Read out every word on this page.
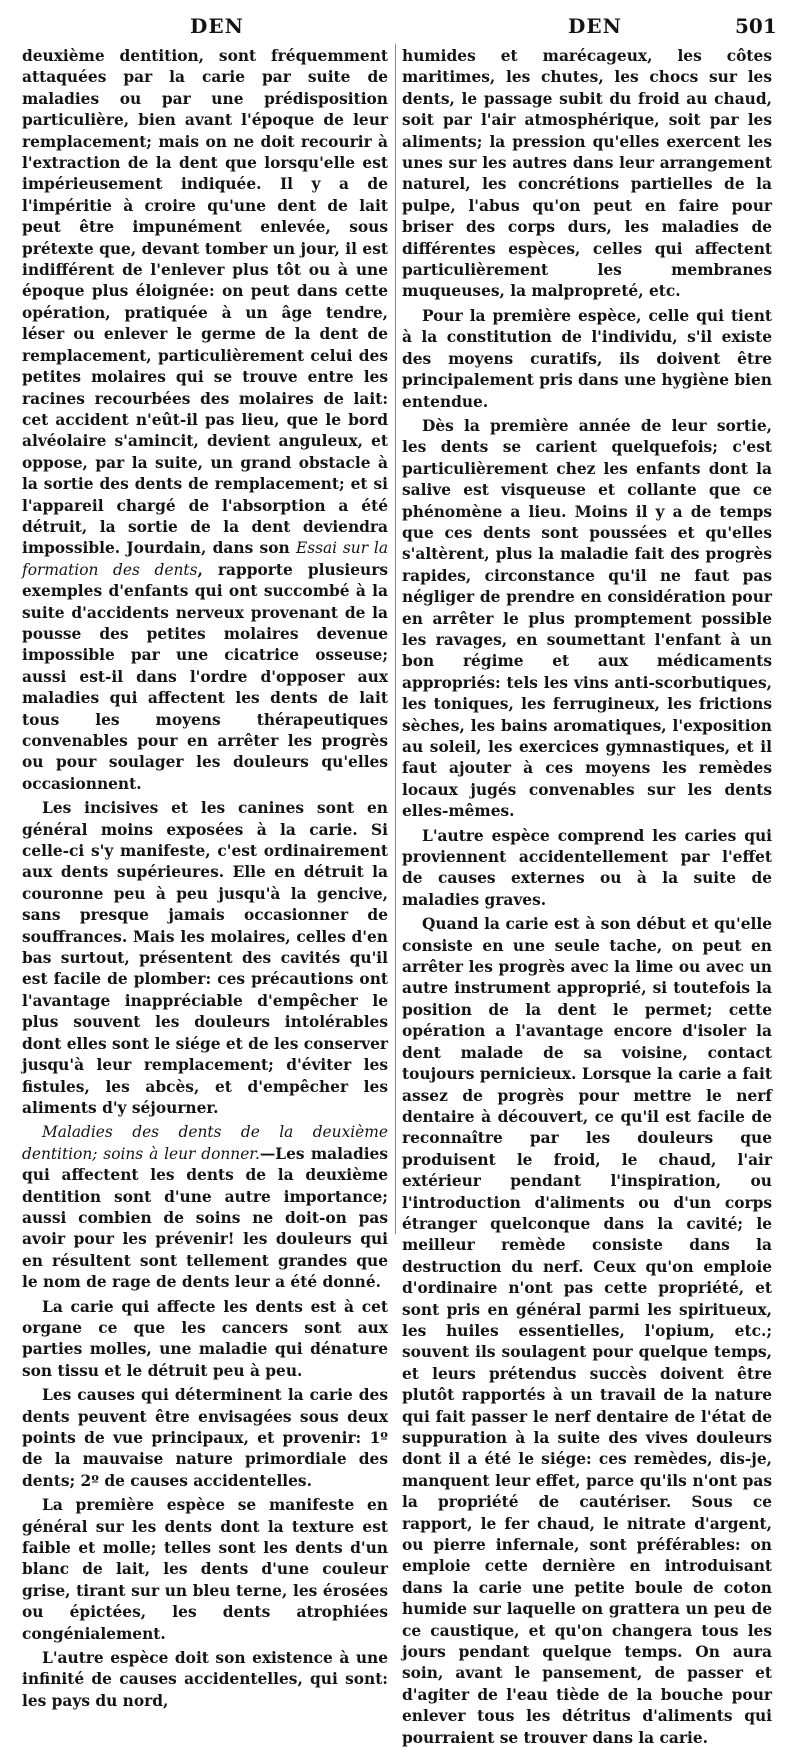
DEN	DEN	501

deuxième dentition, sont fréquemment attaquées par la carie par suite de maladies ou par une prédisposition particulière, bien avant l'époque de leur remplacement; mais on ne doit recourir à l'extraction de la dent que lorsqu'elle est impérieusement indiquée. Il y a de l'impéritie à croire qu'une dent de lait peut être impunément enlevée, sous prétexte que, devant tomber un jour, il est indifférent de l'enlever plus tôt ou à une époque plus éloignée: on peut dans cette opération, pratiquée à un âge tendre, léser ou enlever le germe de la dent de remplacement, particulièrement celui des petites molaires qui se trouve entre les racines recourbées des molaires de lait: cet accident n'eût-il pas lieu, que le bord alvéolaire s'amincit, devient anguleux, et oppose, par la suite, un grand obstacle à la sortie des dents de remplacement; et si l'appareil chargé de l'absorption a été détruit, la sortie de la dent deviendra impossible. Jourdain, dans son Essai sur la formation des dents, rapporte plusieurs exemples d'enfants qui ont succombé à la suite d'accidents nerveux provenant de la pousse des petites molaires devenue impossible par une cicatrice osseuse; aussi est-il dans l'ordre d'opposer aux maladies qui affectent les dents de lait tous les moyens thérapeutiques convenables pour en arrêter les progrès ou pour soulager les douleurs qu'elles occasionnent.

Les incisives et les canines sont en général moins exposées à la carie. Si celle-ci s'y manifeste, c'est ordinairement aux dents supérieures. Elle en détruit la couronne peu à peu jusqu'à la gencive, sans presque jamais occasionner de souffrances. Mais les molaires, celles d'en bas surtout, présentent des cavités qu'il est facile de plomber: ces précautions ont l'avantage inappréciable d'empêcher le plus souvent les douleurs intolérables dont elles sont le siége et de les conserver jusqu'à leur remplacement; d'éviter les fistules, les abcès, et d'empêcher les aliments d'y séjourner.

Maladies des dents de la deuxième dentition; soins à leur donner.—Les maladies qui affectent les dents de la deuxième dentition sont d'une autre importance; aussi combien de soins ne doit-on pas avoir pour les prévenir! les douleurs qui en résultent sont tellement grandes que le nom de rage de dents leur a été donné.

La carie qui affecte les dents est à cet organe ce que les cancers sont aux parties molles, une maladie qui dénature son tissu et le détruit peu à peu.

Les causes qui déterminent la carie des dents peuvent être envisagées sous deux points de vue principaux, et provenir: 1º de la mauvaise nature primordiale des dents; 2º de causes accidentelles.

La première espèce se manifeste en général sur les dents dont la texture est faible et molle; telles sont les dents d'un blanc de lait, les dents d'une couleur grise, tirant sur un bleu terne, les érosées ou épictées, les dents atrophiées congénialement.

L'autre espèce doit son existence à une infinité de causes accidentelles, qui sont: les pays du nord,

humides et marécageux, les côtes maritimes, les chutes, les chocs sur les dents, le passage subit du froid au chaud, soit par l'air atmosphérique, soit par les aliments; la pression qu'elles exercent les unes sur les autres dans leur arrangement naturel, les concrétions partielles de la pulpe, l'abus qu'on peut en faire pour briser des corps durs, les maladies de différentes espèces, celles qui affectent particulièrement les membranes muqueuses, la malpropreté, etc.

Pour la première espèce, celle qui tient à la constitution de l'individu, s'il existe des moyens curatifs, ils doivent être principalement pris dans une hygiène bien entendue.

Dès la première année de leur sortie, les dents se carient quelquefois; c'est particulièrement chez les enfants dont la salive est visqueuse et collante que ce phénomène a lieu. Moins il y a de temps que ces dents sont poussées et qu'elles s'altèrent, plus la maladie fait des progrès rapides, circonstance qu'il ne faut pas négliger de prendre en considération pour en arrêter le plus promptement possible les ravages, en soumettant l'enfant à un bon régime et aux médicaments appropriés: tels les vins anti-scorbutiques, les toniques, les ferrugineux, les frictions sèches, les bains aromatiques, l'exposition au soleil, les exercices gymnastiques, et il faut ajouter à ces moyens les remèdes locaux jugés convenables sur les dents elles-mêmes.

L'autre espèce comprend les caries qui proviennent accidentellement par l'effet de causes externes ou à la suite de maladies graves.

Quand la carie est à son début et qu'elle consiste en une seule tache, on peut en arrêter les progrès avec la lime ou avec un autre instrument approprié, si toutefois la position de la dent le permet; cette opération a l'avantage encore d'isoler la dent malade de sa voisine, contact toujours pernicieux. Lorsque la carie a fait assez de progrès pour mettre le nerf dentaire à découvert, ce qu'il est facile de reconnaître par les douleurs que produisent le froid, le chaud, l'air extérieur pendant l'inspiration, ou l'introduction d'aliments ou d'un corps étranger quelconque dans la cavité; le meilleur remède consiste dans la destruction du nerf. Ceux qu'on emploie d'ordinaire n'ont pas cette propriété, et sont pris en général parmi les spiritueux, les huiles essentielles, l'opium, etc.; souvent ils soulagent pour quelque temps, et leurs prétendus succès doivent être plutôt rapportés à un travail de la nature qui fait passer le nerf dentaire de l'état de suppuration à la suite des vives douleurs dont il a été le siége: ces remèdes, dis-je, manquent leur effet, parce qu'ils n'ont pas la propriété de cautériser. Sous ce rapport, le fer chaud, le nitrate d'argent, ou pierre infernale, sont préférables: on emploie cette dernière en introduisant dans la carie une petite boule de coton humide sur laquelle on grattera un peu de ce caustique, et qu'on changera tous les jours pendant quelque temps. On aura soin, avant le pansement, de passer et d'agiter de l'eau tiède de la bouche pour enlever tous les détritus d'aliments qui pourraient se trouver dans la carie.
